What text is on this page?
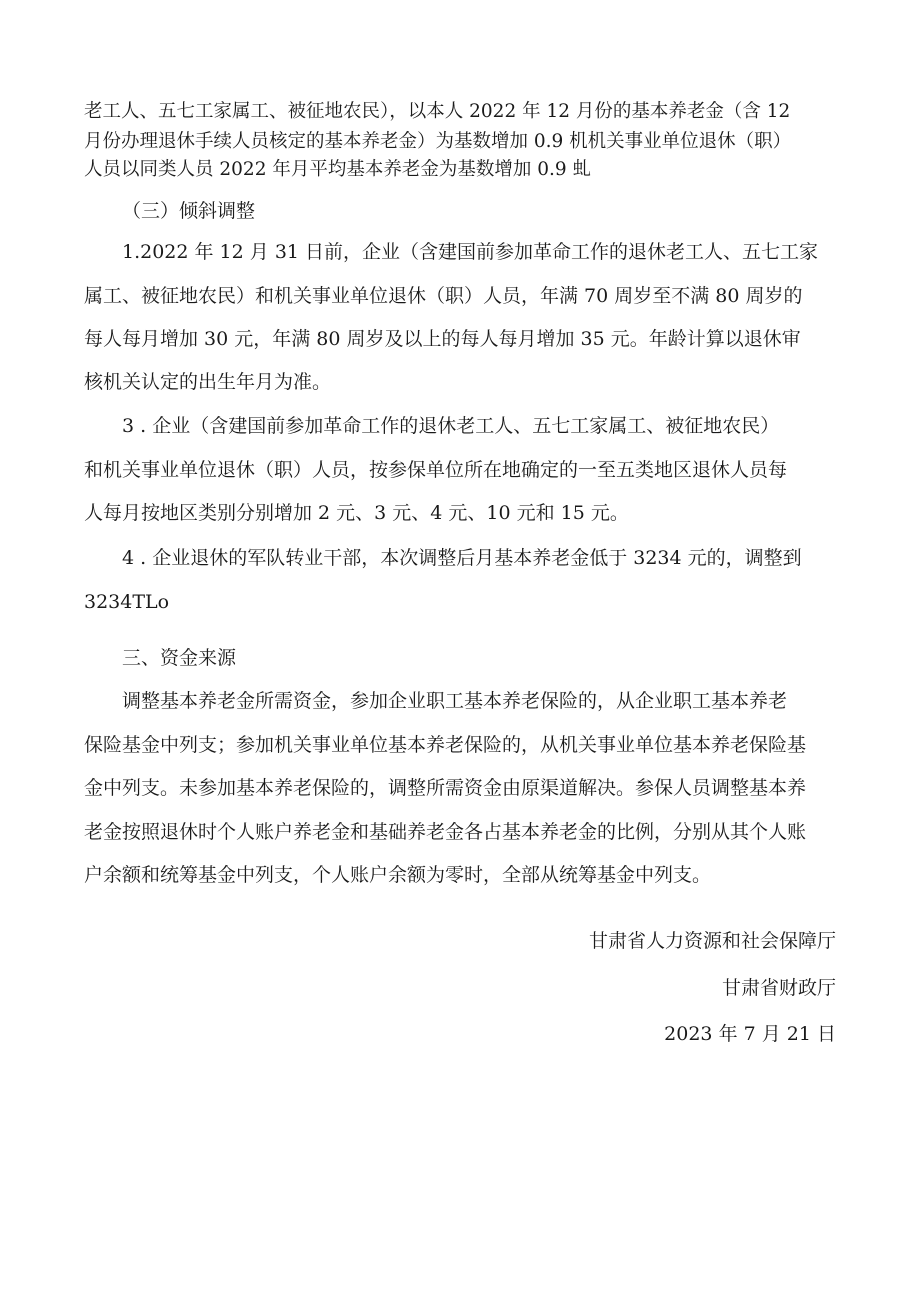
老工人、五七工家属工、被征地农民），以本人 2022 年 12 月份的基本养老金（含 12
月份办理退休手续人员核定的基本养老金）为基数增加 0.9 机机关事业单位退休（职）
人员以同类人员 2022 年月平均基本养老金为基数增加 0.9 虬
（三）倾斜调整
1.2022 年 12 月 31 日前，企业（含建国前参加革命工作的退休老工人、五七工家
属工、被征地农民）和机关事业单位退休（职）人员，年满 70 周岁至不满 80 周岁的
每人每月增加 30 元，年满 80 周岁及以上的每人每月增加 35 元。年龄计算以退休审
核机关认定的出生年月为准。
3 . 企业（含建国前参加革命工作的退休老工人、五七工家属工、被征地农民）
和机关事业单位退休（职）人员，按参保单位所在地确定的一至五类地区退休人员每
人每月按地区类别分别增加 2 元、3 元、4 元、10 元和 15 元。
4 . 企业退休的军队转业干部，本次调整后月基本养老金低于 3234 元的，调整到
3234TLo
三、资金来源
调整基本养老金所需资金，参加企业职工基本养老保险的，从企业职工基本养老
保险基金中列支；参加机关事业单位基本养老保险的，从机关事业单位基本养老保险基
金中列支。未参加基本养老保险的，调整所需资金由原渠道解决。参保人员调整基本养
老金按照退休时个人账户养老金和基础养老金各占基本养老金的比例，分别从其个人账
户余额和统筹基金中列支，个人账户余额为零时，全部从统筹基金中列支。
甘肃省人力资源和社会保障厅
甘肃省财政厅
2023 年 7 月 21 日
